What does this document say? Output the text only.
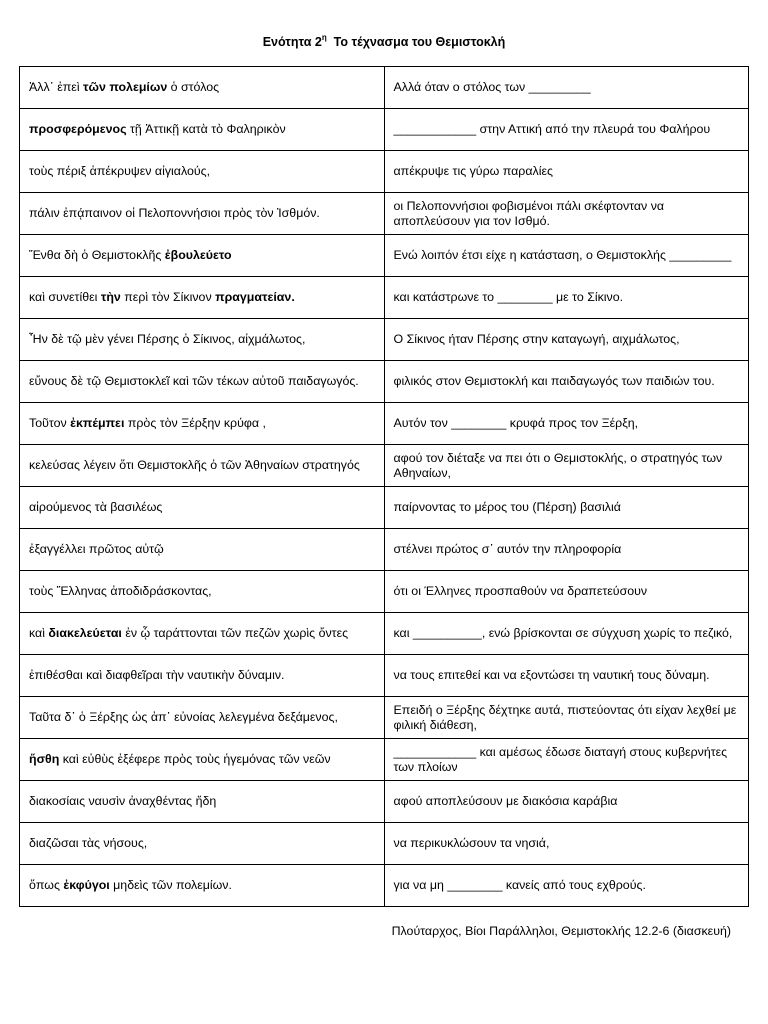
Ενότητα $2^\eta$  Το τέχνασμα του Θεμιστοκλή
Ἀλλ᾽ ἐπεὶ τῶν πολεμίων ὁ στόλος	Αλλά όταν ο στόλος των _________
προσφερόμενος τῇ Ἀττικῇ κατὰ τὸ Φαληρικὸν	____________ στην Αττική από την πλευρά του Φαλήρου
τοὺς πέριξ ἀπέκρυψεν αἰγιαλούς,	απέκρυψε τις γύρω παραλίες
πάλιν ἐπᾴπαινον οἱ Πελοποννήσιοι πρὸς τὸν Ἰσθμόν.	οι Πελοποννήσιοι φοβισμένοι πάλι σκέφτονταν να αποπλεύσουν για τον Ισθμό.
Ἔνθα δὴ ὁ Θεμιστοκλῆς ἐβουλεύετο	Ενώ λοιπόν έτσι είχε η κατάσταση, ο Θεμιστοκλής _________
καὶ συνετίθει τὴν περὶ τὸν Σίκινον πραγματείαν.	και κατάστρωνε το ________ με το Σίκινο.
Ἦν δὲ τῷ μὲν γένει Πέρσης ὁ Σίκινος, αἰχμάλωτος,	Ο Σίκινος ήταν Πέρσης στην καταγωγή, αιχμάλωτος,
εὔνους δὲ τῷ Θεμιστοκλεῖ καὶ τῶν τέκων αὐτοῦ παιδαγωγός.	φιλικός στον Θεμιστοκλή και παιδαγωγός των παιδιών του.
Τοῦτον ἐκπέμπει πρὸς τὸν Ξέρξην κρύφα ,	Αυτόν τον ________ κρυφά προς τον Ξέρξη,
κελεύσας λέγειν ὅτι Θεμιστοκλῆς ὁ τῶν Ἀθηναίων στρατηγός	αφού τον διέταξε να πει ότι ο Θεμιστοκλής, ο στρατηγός των Αθηναίων,
αἱρούμενος τὰ βασιλέως	παίρνοντας το μέρος του (Πέρση) βασιλιά
ἐξαγγέλλει πρῶτος αὐτῷ	στέλνει πρώτος σ᾽ αυτόν την πληροφορία
τοὺς Ἕλληνας ἀποδιδράσκοντας,	ότι οι Έλληνες προσπαθούν να δραπετεύσουν
καὶ διακελεύεται ἐν ᾧ ταράττονται τῶν πεζῶν χωρὶς ὄντες	και __________, ενώ βρίσκονται σε σύγχυση χωρίς το πεζικό,
ἐπιθέσθαι καὶ διαφθεῖραι τὴν ναυτικὴν δύναμιν.	να τους επιτεθεί και να εξοντώσει τη ναυτική τους δύναμη.
Ταῦτα δ᾽ ὁ Ξέρξης ὡς ἀπ᾽ εὐνοίας λελεγμένα δεξάμενος,	Επειδή ο Ξέρξης δέχτηκε αυτά, πιστεύοντας ότι είχαν λεχθεί με φιλική διάθεση,
ἥσθη καὶ εὐθὺς ἐξέφερε πρὸς τοὺς ἡγεμόνας τῶν νεῶν	____________ και αμέσως έδωσε διαταγή στους κυβερνήτες των πλοίων
διακοσίαις ναυσὶν ἀναχθέντας ἤδη	αφού αποπλεύσουν με διακόσια καράβια
διαζῶσαι τὰς νήσους,	να περικυκλώσουν τα νησιά,
ὅπως ἐκφύγοι μηδεὶς τῶν πολεμίων.	για να μη ________ κανείς από τους εχθρούς.
Πλούταρχος, Βίοι Παράλληλοι, Θεμιστοκλής 12.2-6 (διασκευή)
